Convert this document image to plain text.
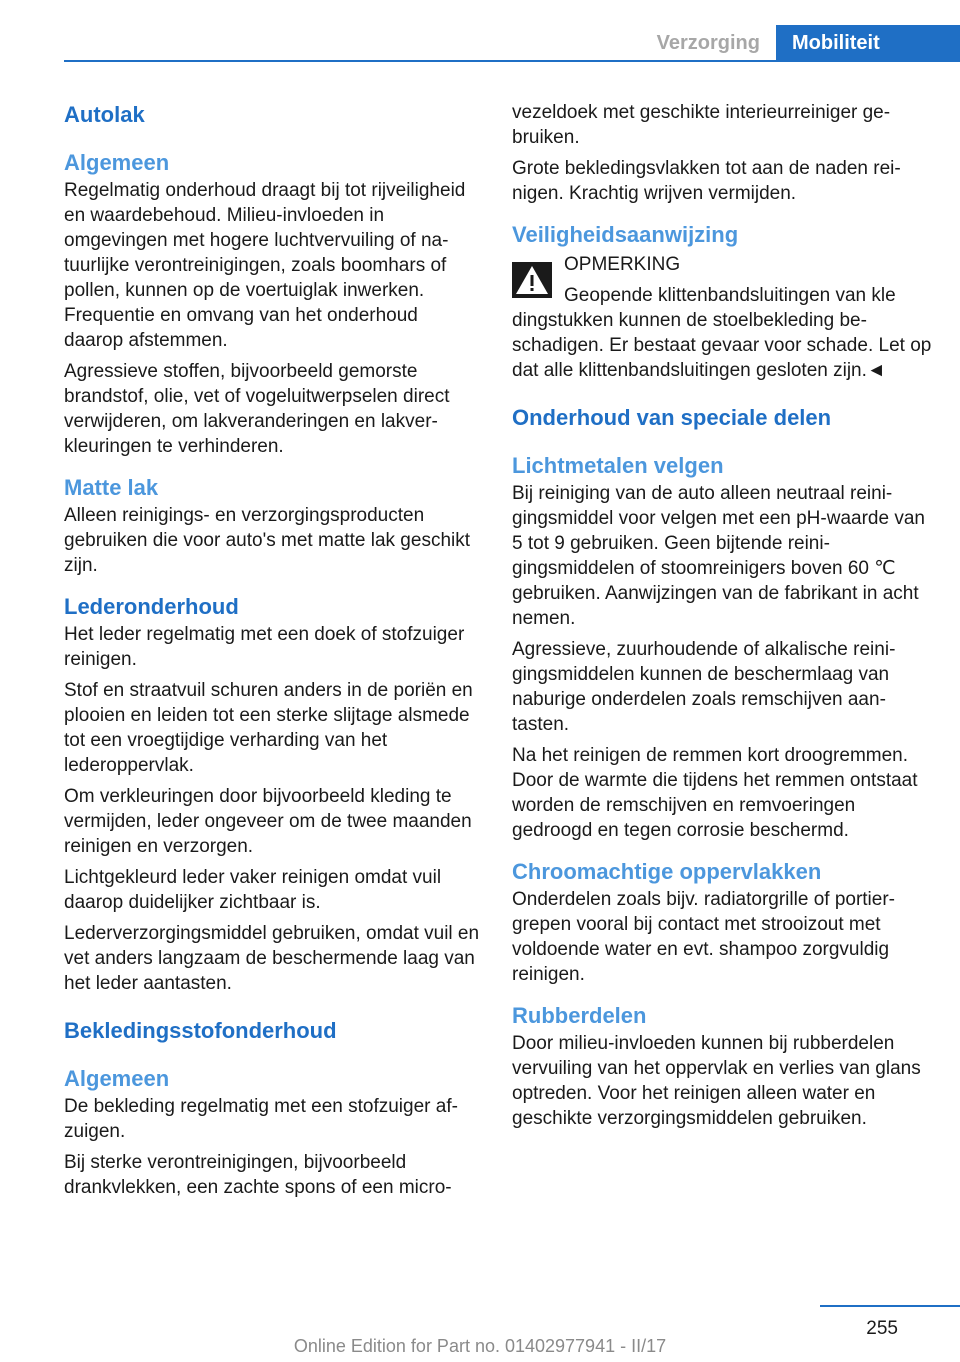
Verzorging	Mobiliteit
Autolak
Algemeen

Regelmatig onderhoud draagt bij tot rijveiligheid en waardebehoud. Milieu-invloeden in omgevingen met hogere luchtvervuiling of natuurlijke verontreinigingen, zoals boomhars of pollen, kunnen op de voertuiglak inwerken. Frequentie en omvang van het onderhoud daarop afstemmen.

Agressieve stoffen, bijvoorbeeld gemorste brandstof, olie, vet of vogeluitwerpselen direct verwijderen, om lakveranderingen en lakverkleuringen te verhinderen.

Matte lak

Alleen reinigings- en verzorgingsproducten gebruiken die voor auto's met matte lak geschikt zijn.

Lederonderhoud

Het leder regelmatig met een doek of stofzuiger reinigen.

Stof en straatvuil schuren anders in de poriën en plooien en leiden tot een sterke slijtage alsmede tot een vroegtijdige verharding van het lederoppervlak.

Om verkleuringen door bijvoorbeeld kleding te vermijden, leder ongeveer om de twee maanden reinigen en verzorgen.

Lichtgekleurd leder vaker reinigen omdat vuil daarop duidelijker zichtbaar is.

Lederverzorgingsmiddel gebruiken, omdat vuil en vet anders langzaam de beschermende laag van het leder aantasten.

Bekledingsstofonderhoud
Algemeen

De bekleding regelmatig met een stofzuiger afzuigen.

Bij sterke verontreinigingen, bijvoorbeeld drankvlekken, een zachte spons of een micro-

vezeldoek met geschikte interieurreiniger gebruiken.

Grote bekledingsvlakken tot aan de naden reinigen. Krachtig wrijven vermijden.

Veiligheidsaanwijzing

OPMERKING

Geopende klittenbandsluitingen van kle

dingstukken kunnen de stoelbekleding beschadigen. Er bestaat gevaar voor schade. Let op dat alle klittenbandsluitingen gesloten zijn.◄

Onderhoud van speciale delen
Lichtmetalen velgen

Bij reiniging van de auto alleen neutraal reinigingsmiddel voor velgen met een pH-waarde van 5 tot 9 gebruiken. Geen bijtende reinigingsmiddelen of stoomreinigers boven 60 ℃ gebruiken. Aanwijzingen van de fabrikant in acht nemen.

Agressieve, zuurhoudende of alkalische reinigingsmiddelen kunnen de beschermlaag van naburige onderdelen zoals remschijven aantasten.

Na het reinigen de remmen kort droogremmen. Door de warmte die tijdens het remmen ontstaat worden de remschijven en remvoeringen gedroogd en tegen corrosie beschermd.

Chroomachtige oppervlakken

Onderdelen zoals bijv. radiatorgrille of portiergrepen vooral bij contact met strooizout met voldoende water en evt. shampoo zorgvuldig reinigen.

Rubberdelen

Door milieu-invloeden kunnen bij rubberdelen vervuiling van het oppervlak en verlies van glans optreden. Voor het reinigen alleen water en geschikte verzorgingsmiddelen gebruiken.

255
Online Edition for Part no. 01402977941 - II/17
